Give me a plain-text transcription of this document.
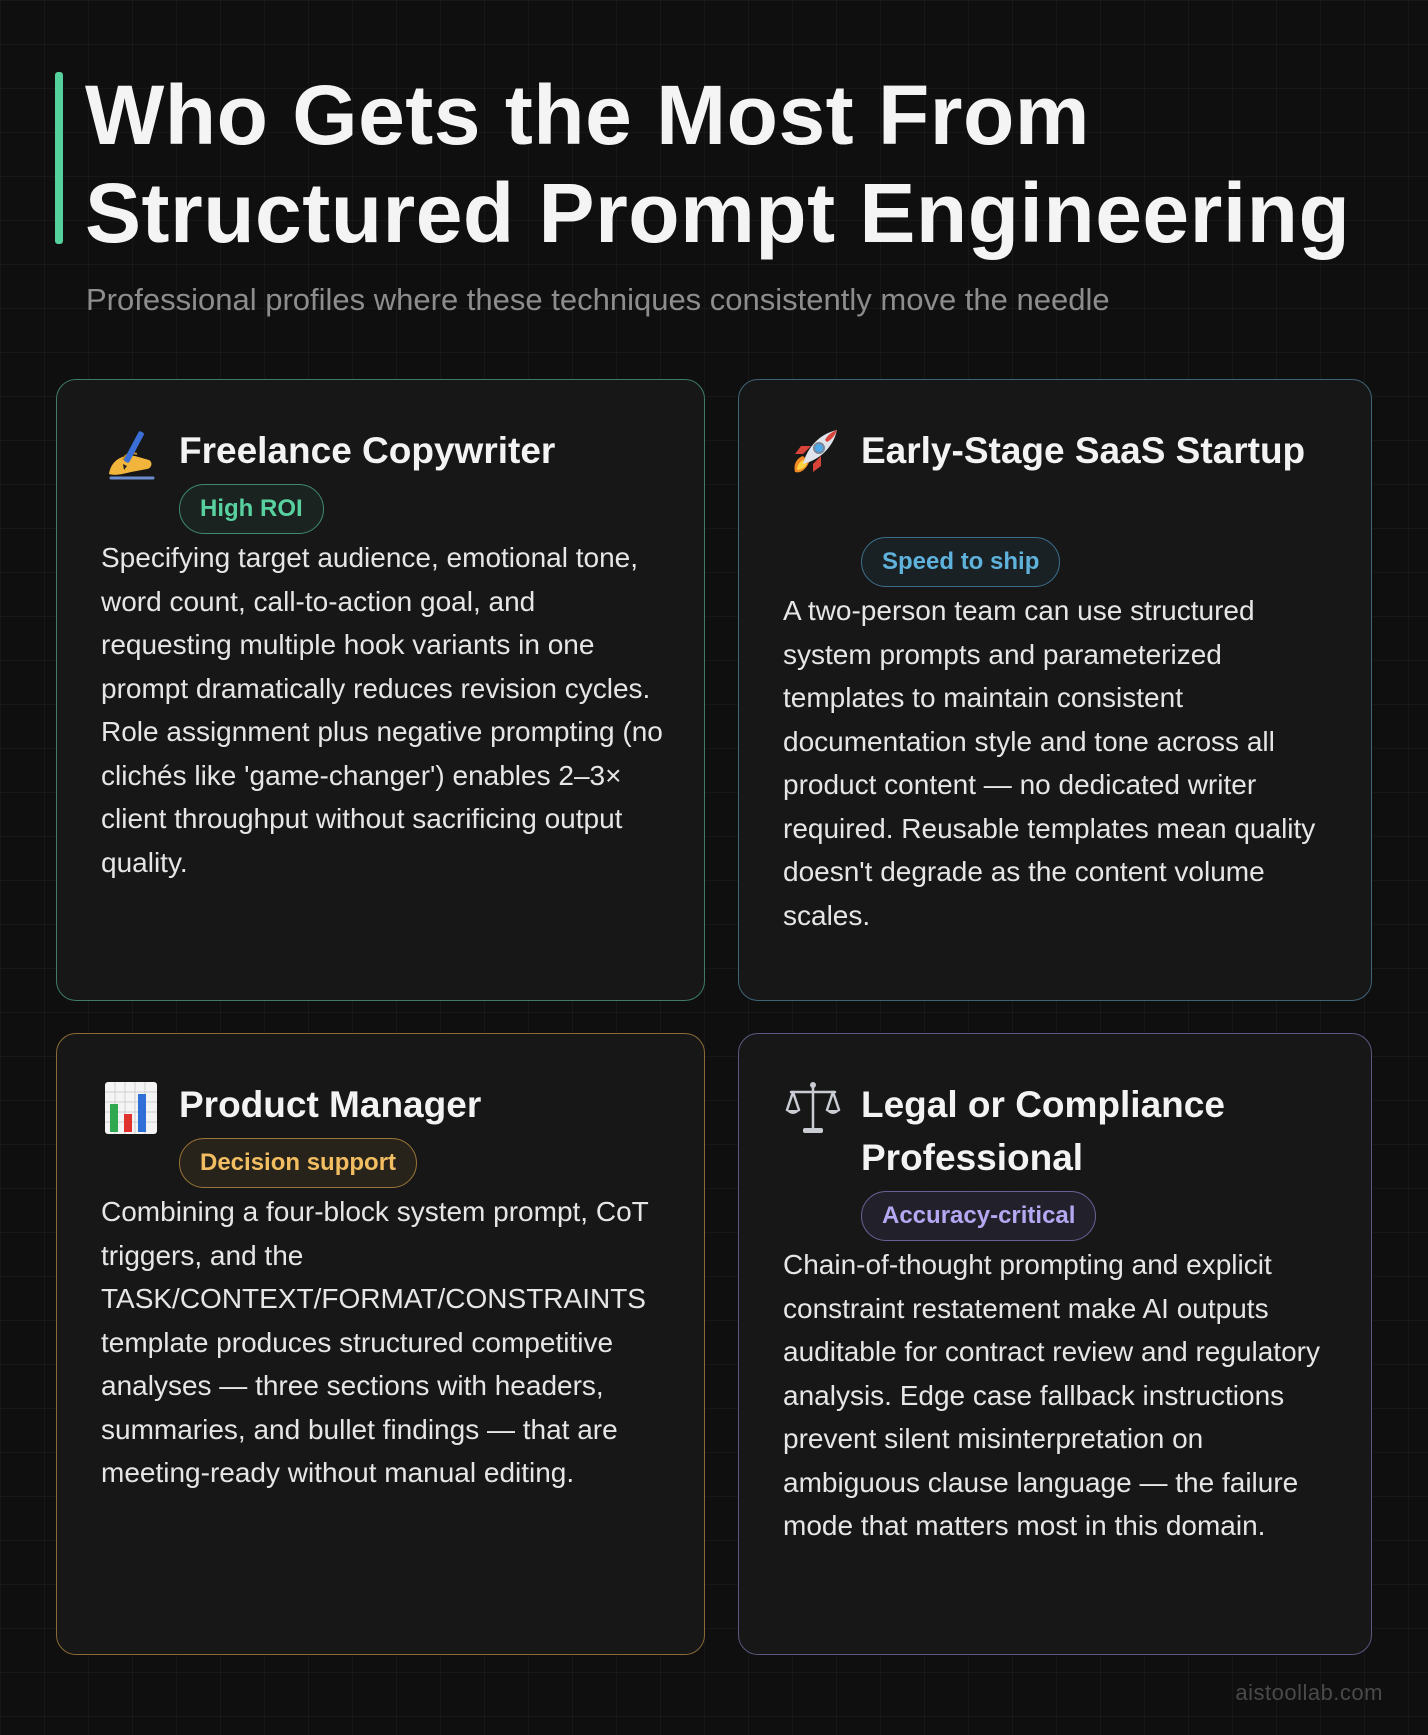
Who Gets the Most From
Structured Prompt Engineering

Professional profiles where these techniques consistently move the needle

Freelance Copywriter
High ROI

Specifying target audience, emotional tone, word count, call-to-action goal, and requesting multiple hook variants in one prompt dramatically reduces revision cycles. Role assignment plus negative prompting (no clichés like 'game-changer') enables 2–3× client throughput without sacrificing output quality.

Early-Stage SaaS Startup
Speed to ship

A two-person team can use structured system prompts and parameterized templates to maintain consistent documentation style and tone across all product content — no dedicated writer required. Reusable templates mean quality doesn't degrade as the content volume scales.

Product Manager
Decision support

Combining a four-block system prompt, CoT triggers, and the TASK/CONTEXT/FORMAT/CONSTRAINTS template produces structured competitive analyses — three sections with headers, summaries, and bullet findings — that are meeting-ready without manual editing.

Legal or Compliance Professional
Accuracy-critical

Chain-of-thought prompting and explicit constraint restatement make AI outputs auditable for contract review and regulatory analysis. Edge case fallback instructions prevent silent misinterpretation on ambiguous clause language — the failure mode that matters most in this domain.

aistoollab.com
